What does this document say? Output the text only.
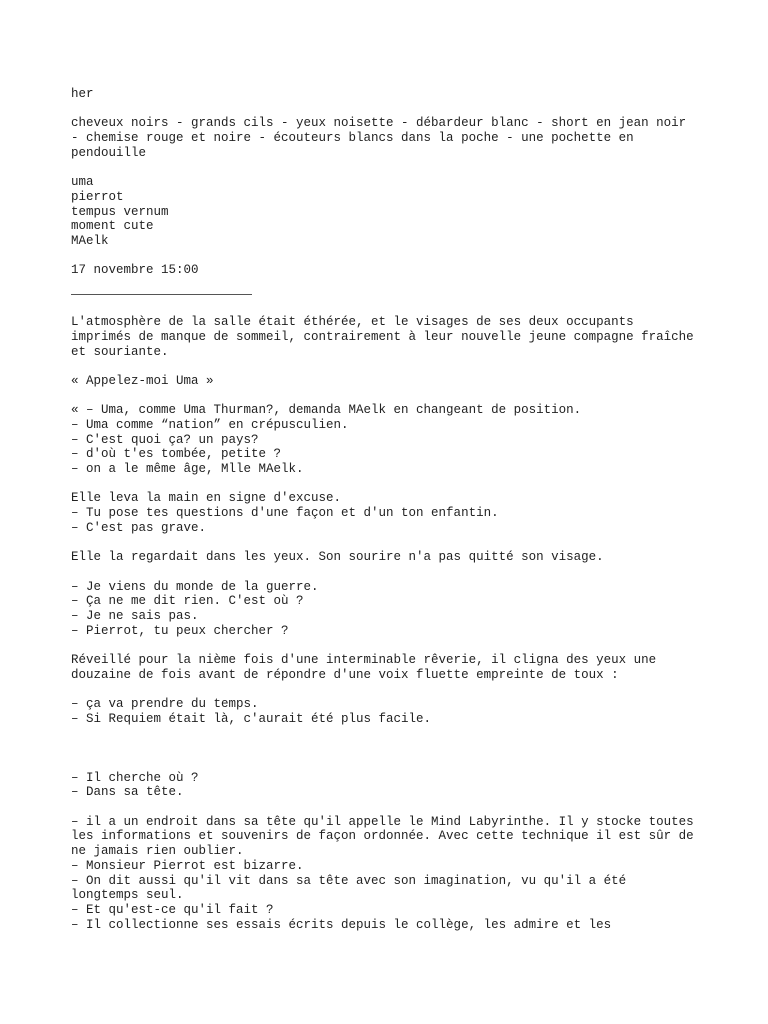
her
cheveux noirs - grands cils - yeux noisette - débardeur blanc - short en jean noir
- chemise rouge et noire - écouteurs blancs dans la poche - une pochette en
pendouille
uma
pierrot
tempus vernum
moment cute
MAelk
17 novembre 15:00
L'atmosphère de la salle était éthérée, et le visages de ses deux occupants
imprimés de manque de sommeil, contrairement à leur nouvelle jeune compagne fraîche
et souriante.
« Appelez-moi Uma »
« – Uma, comme Uma Thurman?, demanda MAelk en changeant de position.
– Uma comme “nation” en crépusculien.
– C'est quoi ça? un pays?
– d'où t'es tombée, petite ?
– on a le même âge, Mlle MAelk.
Elle leva la main en signe d'excuse.
– Tu pose tes questions d'une façon et d'un ton enfantin.
– C'est pas grave.
Elle la regardait dans les yeux. Son sourire n'a pas quitté son visage.
– Je viens du monde de la guerre.
– Ça ne me dit rien. C'est où ?
– Je ne sais pas.
– Pierrot, tu peux chercher ?
Réveillé pour la nième fois d'une interminable rêverie, il cligna des yeux une
douzaine de fois avant de répondre d'une voix fluette empreinte de toux :
– ça va prendre du temps.
– Si Requiem était là, c'aurait été plus facile.
– Il cherche où ?
– Dans sa tête.
– il a un endroit dans sa tête qu'il appelle le Mind Labyrinthe. Il y stocke toutes
les informations et souvenirs de façon ordonnée. Avec cette technique il est sûr de
ne jamais rien oublier.
– Monsieur Pierrot est bizarre.
– On dit aussi qu'il vit dans sa tête avec son imagination, vu qu'il a été
longtemps seul.
– Et qu'est-ce qu'il fait ?
– Il collectionne ses essais écrits depuis le collège, les admire et les
